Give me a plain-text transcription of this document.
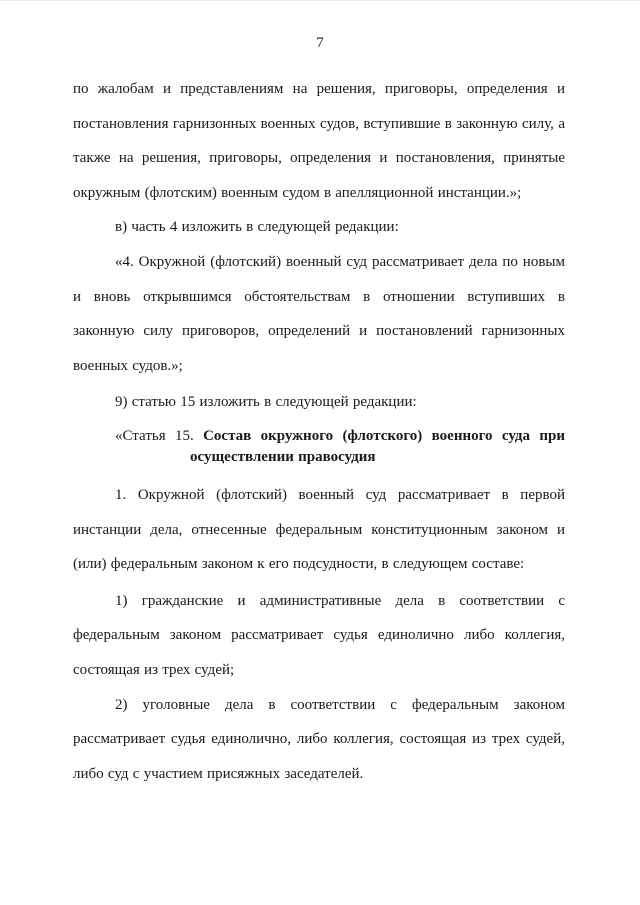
7
по жалобам и представлениям на решения, приговоры, определения и
постановления гарнизонных военных судов, вступившие в законную силу, а
также на решения, приговоры, определения и постановления, принятые
окружным (флотским) военным судом в апелляционной инстанции.»;
в) часть 4 изложить в следующей редакции:
«4. Окружной (флотский) военный суд рассматривает дела по новым
и вновь открывшимся обстоятельствам в отношении вступивших в
законную силу приговоров, определений и постановлений гарнизонных
военных судов.»;
9) статью 15 изложить в следующей редакции:
«Статья 15. Состав окружного (флотского) военного суда при
осуществлении правосудия
1. Окружной (флотский) военный суд рассматривает в первой
инстанции дела, отнесенные федеральным конституционным законом и
(или) федеральным законом к его подсудности, в следующем составе:
1) гражданские и административные дела в соответствии с
федеральным законом рассматривает судья единолично либо коллегия,
состоящая из трех судей;
2) уголовные дела в соответствии с федеральным законом
рассматривает судья единолично, либо коллегия, состоящая из трех судей,
либо суд с участием присяжных заседателей.
